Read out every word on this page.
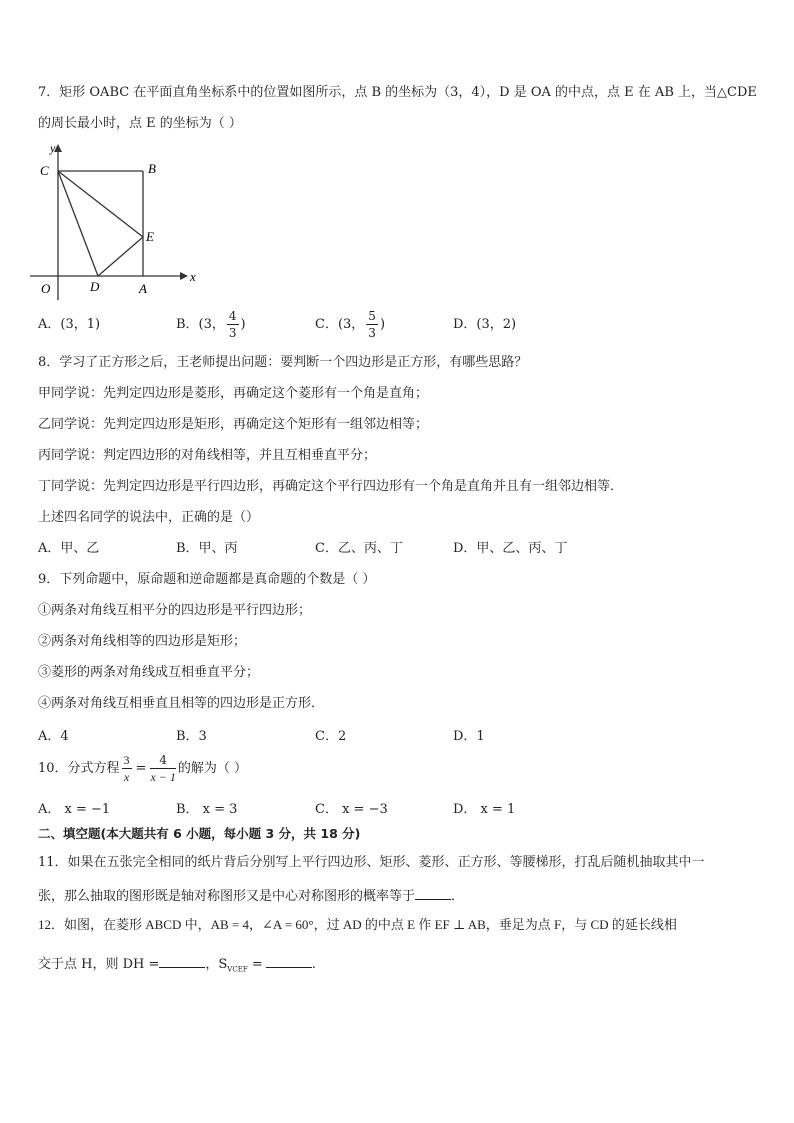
7．矩形 OABC 在平面直角坐标系中的位置如图所示，点 B 的坐标为（3，4），D 是 OA 的中点，点 E 在 AB 上，当△CDE
的周长最小时，点 E 的坐标为（ ）
y
C	B
E
x
O	D	A
A．(3，1)	B．(3， $\frac{4}{3}$ )	C．(3， $\frac{5}{3}$ )	D．(3，2)
8．学习了正方形之后，王老师提出问题：要判断一个四边形是正方形，有哪些思路？
甲同学说：先判定四边形是菱形，再确定这个菱形有一个角是直角；
乙同学说：先判定四边形是矩形，再确定这个矩形有一组邻边相等；
丙同学说：判定四边形的对角线相等，并且互相垂直平分；
丁同学说：先判定四边形是平行四边形，再确定这个平行四边形有一个角是直角并且有一组邻边相等．
上述四名同学的说法中，正确的是（）
A．甲、乙	B．甲、丙	C．乙、丙、丁	D．甲、乙、丙、丁
9．下列命题中，原命题和逆命题都是真命题的个数是（ ）
①两条对角线互相平分的四边形是平行四边形；
②两条对角线相等的四边形是矩形；
③菱形的两条对角线成互相垂直平分；
④两条对角线互相垂直且相等的四边形是正方形．
A．4	B．3	C．2	D．1
10．分式方程 $\frac{3}{x} = \frac{4}{x - 1}$ 的解为（ ）
A． x = −1	B． x = 3	C． x = −3	D． x = 1
二、填空题(本大题共有 6 小题，每小题 3 分，共 18 分)
11．如果在五张完全相同的纸片背后分别写上平行四边形、矩形、菱形、正方形、等腰梯形，打乱后随机抽取其中一
张，那么抽取的图形既是轴对称图形又是中心对称图形的概率等于	．
12．如图，在菱形 ABCD 中，AB = 4，∠A = 60°，过 AD 的中点 E 作 EF ⊥ AB，垂足为点 F，与 CD 的延长线相
交于点 H，则 DH =	，$S_{VCEF}$ =	.
